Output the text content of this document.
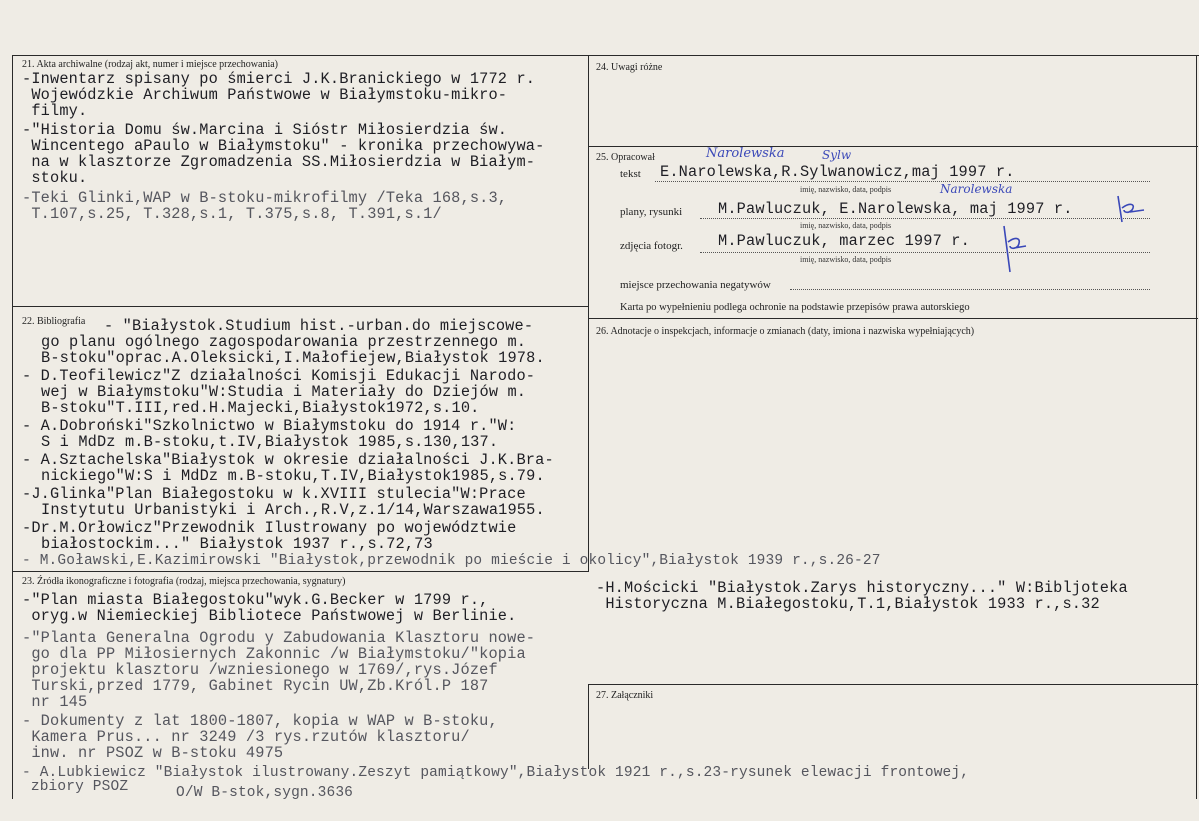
21. Akta archiwalne (rodzaj akt, numer i miejsce przechowania)
-Inwentarz spisany po śmierci J.K.Branickiego w 1772 r.
Wojewódzkie Archiwum Państwowe w Białymstoku-mikro-
filmy.
-"Historia Domu św.Marcina i Sióstr Miłosierdzia św.
Wincentego aPaulo w Białymstoku" - kronika przechowywa-
na w klasztorze Zgromadzenia SS.Miłosierdzia w Białym-
stoku.
-Teki Glinki,WAP w B-stoku-mikrofilmy /Teka 168,s.3,
T.107,s.25, T.328,s.1, T.375,s.8, T.391,s.1/
24. Uwagi różne
25. Opracował	Narolewska	Sylw
tekst E.Narolewska,R.Sylwanowicz,maj 1997 r.
imię, nazwisko, data, podpis	Narolewska
plany, rysunki M.Pawluczuk, E.Narolewska, maj 1997 r.
imię, nazwisko, data, podpis
zdjęcia fotogr. M.Pawluczuk, marzec 1997 r.
imię, nazwisko, data, podpis
miejsce przechowania negatywów
Karta po wypełnieniu podlega ochronie na podstawie przepisów prawa autorskiego
22. Bibliografia - "Białystok.Studium hist.-urban.do miejscowe-
go planu ogólnego zagospodarowania przestrzennego m.
B-stoku"oprac.A.Oleksicki,I.Małofiejew,Białystok 1978.
- D.Teofilewicz"Z działalności Komisji Edukacji Narodo-
wej w Białymstoku"W:Studia i Materiały do Dziejów m.
B-stoku"T.III,red.H.Majecki,Białystok1972,s.10.
- A.Dobroński"Szkolnictwo w Białymstoku do 1914 r."W:
S i MdDz m.B-stoku,t.IV,Białystok 1985,s.130,137.
- A.Sztachelska"Białystok w okresie działalności J.K.Bra-
nickiego"W:S i MdDz m.B-stoku,T.IV,Białystok1985,s.79.
-J.Glinka"Plan Białegostoku w k.XVIII stulecia"W:Prace
Instytutu Urbanistyki i Arch.,R.V,z.1/14,Warszawa1955.
-Dr.M.Orłowicz"Przewodnik Ilustrowany po województwie
białostockim..." Białystok 1937 r.,s.72,73
- M.Goławski,E.Kazimirowski "Białystok,przewodnik po mieście i okolicy",Białystok 1939 r.,s.26-27
26. Adnotacje o inspekcjach, informacje o zmianach (daty, imiona i nazwiska wypełniających)
-H.Mościcki "Białystok.Zarys historyczny..." W:Bibljoteka
Historyczna M.Białegostoku,T.1,Białystok 1933 r.,s.32
23. Źródła ikonograficzne i fotografia (rodzaj, miejsca przechowania, sygnatury)
-"Plan miasta Białegostoku"wyk.G.Becker w 1799 r.,
oryg.w Niemieckiej Bibliotece Państwowej w Berlinie.
-"Planta Generalna Ogrodu y Zabudowania Klasztoru nowe-
go dla PP Miłosiernych Zakonnic /w Białymstoku/"kopia
projektu klasztoru /wzniesionego w 1769/,rys.Józef
Turski,przed 1779, Gabinet Rycin UW,Zb.Król.P 187
nr 145
- Dokumenty z lat 1800-1807, kopia w WAP w B-stoku,
Kamera Prus... nr 3249 /3 rys.rzutów klasztoru/
inw. nr PSOZ w B-stoku 4975
- A.Lubkiewicz "Białystok ilustrowany.Zeszyt pamiątkowy",Białystok 1921 r.,s.23-rysunek elewacji frontowej,
zbiory PSOZ	O/W B-stok,sygn.3636
27. Załączniki
